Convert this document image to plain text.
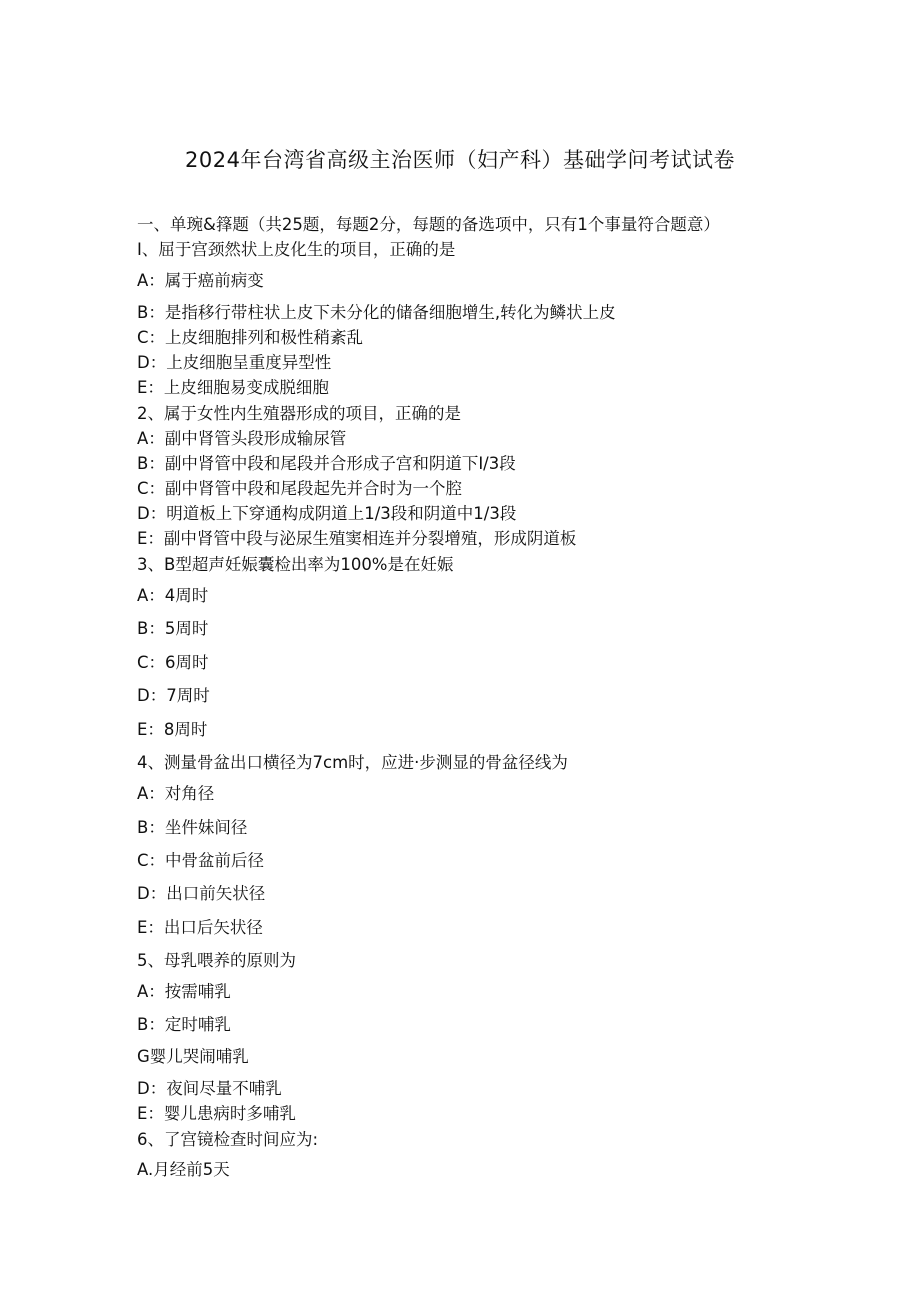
2024年台湾省高级主治医师（妇产科）基础学问考试试卷
一、单琬&箨题（共25题，每题2分，每题的备选项中，只有1个事量符合题意）
I、屈于宫颈然状上皮化生的项目，正确的是
A：属于癌前病变
B：是指移行带柱状上皮下未分化的储备细胞增生,转化为鳞状上皮
C：上皮细胞排列和极性稍紊乱
D：上皮细胞呈重度异型性
E：上皮细胞易变成脱细胞
2、属于女性内生殖器形成的项目，正确的是
A：副中肾管头段形成输尿管
B：副中肾管中段和尾段并合形成子宫和阴道下I/3段
C：副中肾管中段和尾段起先并合时为一个腔
D：明道板上下穿通构成阴道上1/3段和阴道中1/3段
E：副中肾管中段与泌尿生殖窦相连并分裂增殖，形成阴道板
3、B型超声妊娠囊检出率为100%是在妊娠
A：4周时
B：5周时
C：6周时
D：7周时
E：8周时
4、测量骨盆出口横径为7cm时，应进·步测显的骨盆径线为
A：对角径
B：坐件妹间径
C：中骨盆前后径
D：出口前矢状径
E：出口后矢状径
5、母乳喂养的原则为
A：按需哺乳
B：定时哺乳
G婴儿哭闹哺乳
D：夜间尽量不哺乳
E：婴儿患病时多哺乳
6、了宫镜检查时间应为:
A.月经前5天
